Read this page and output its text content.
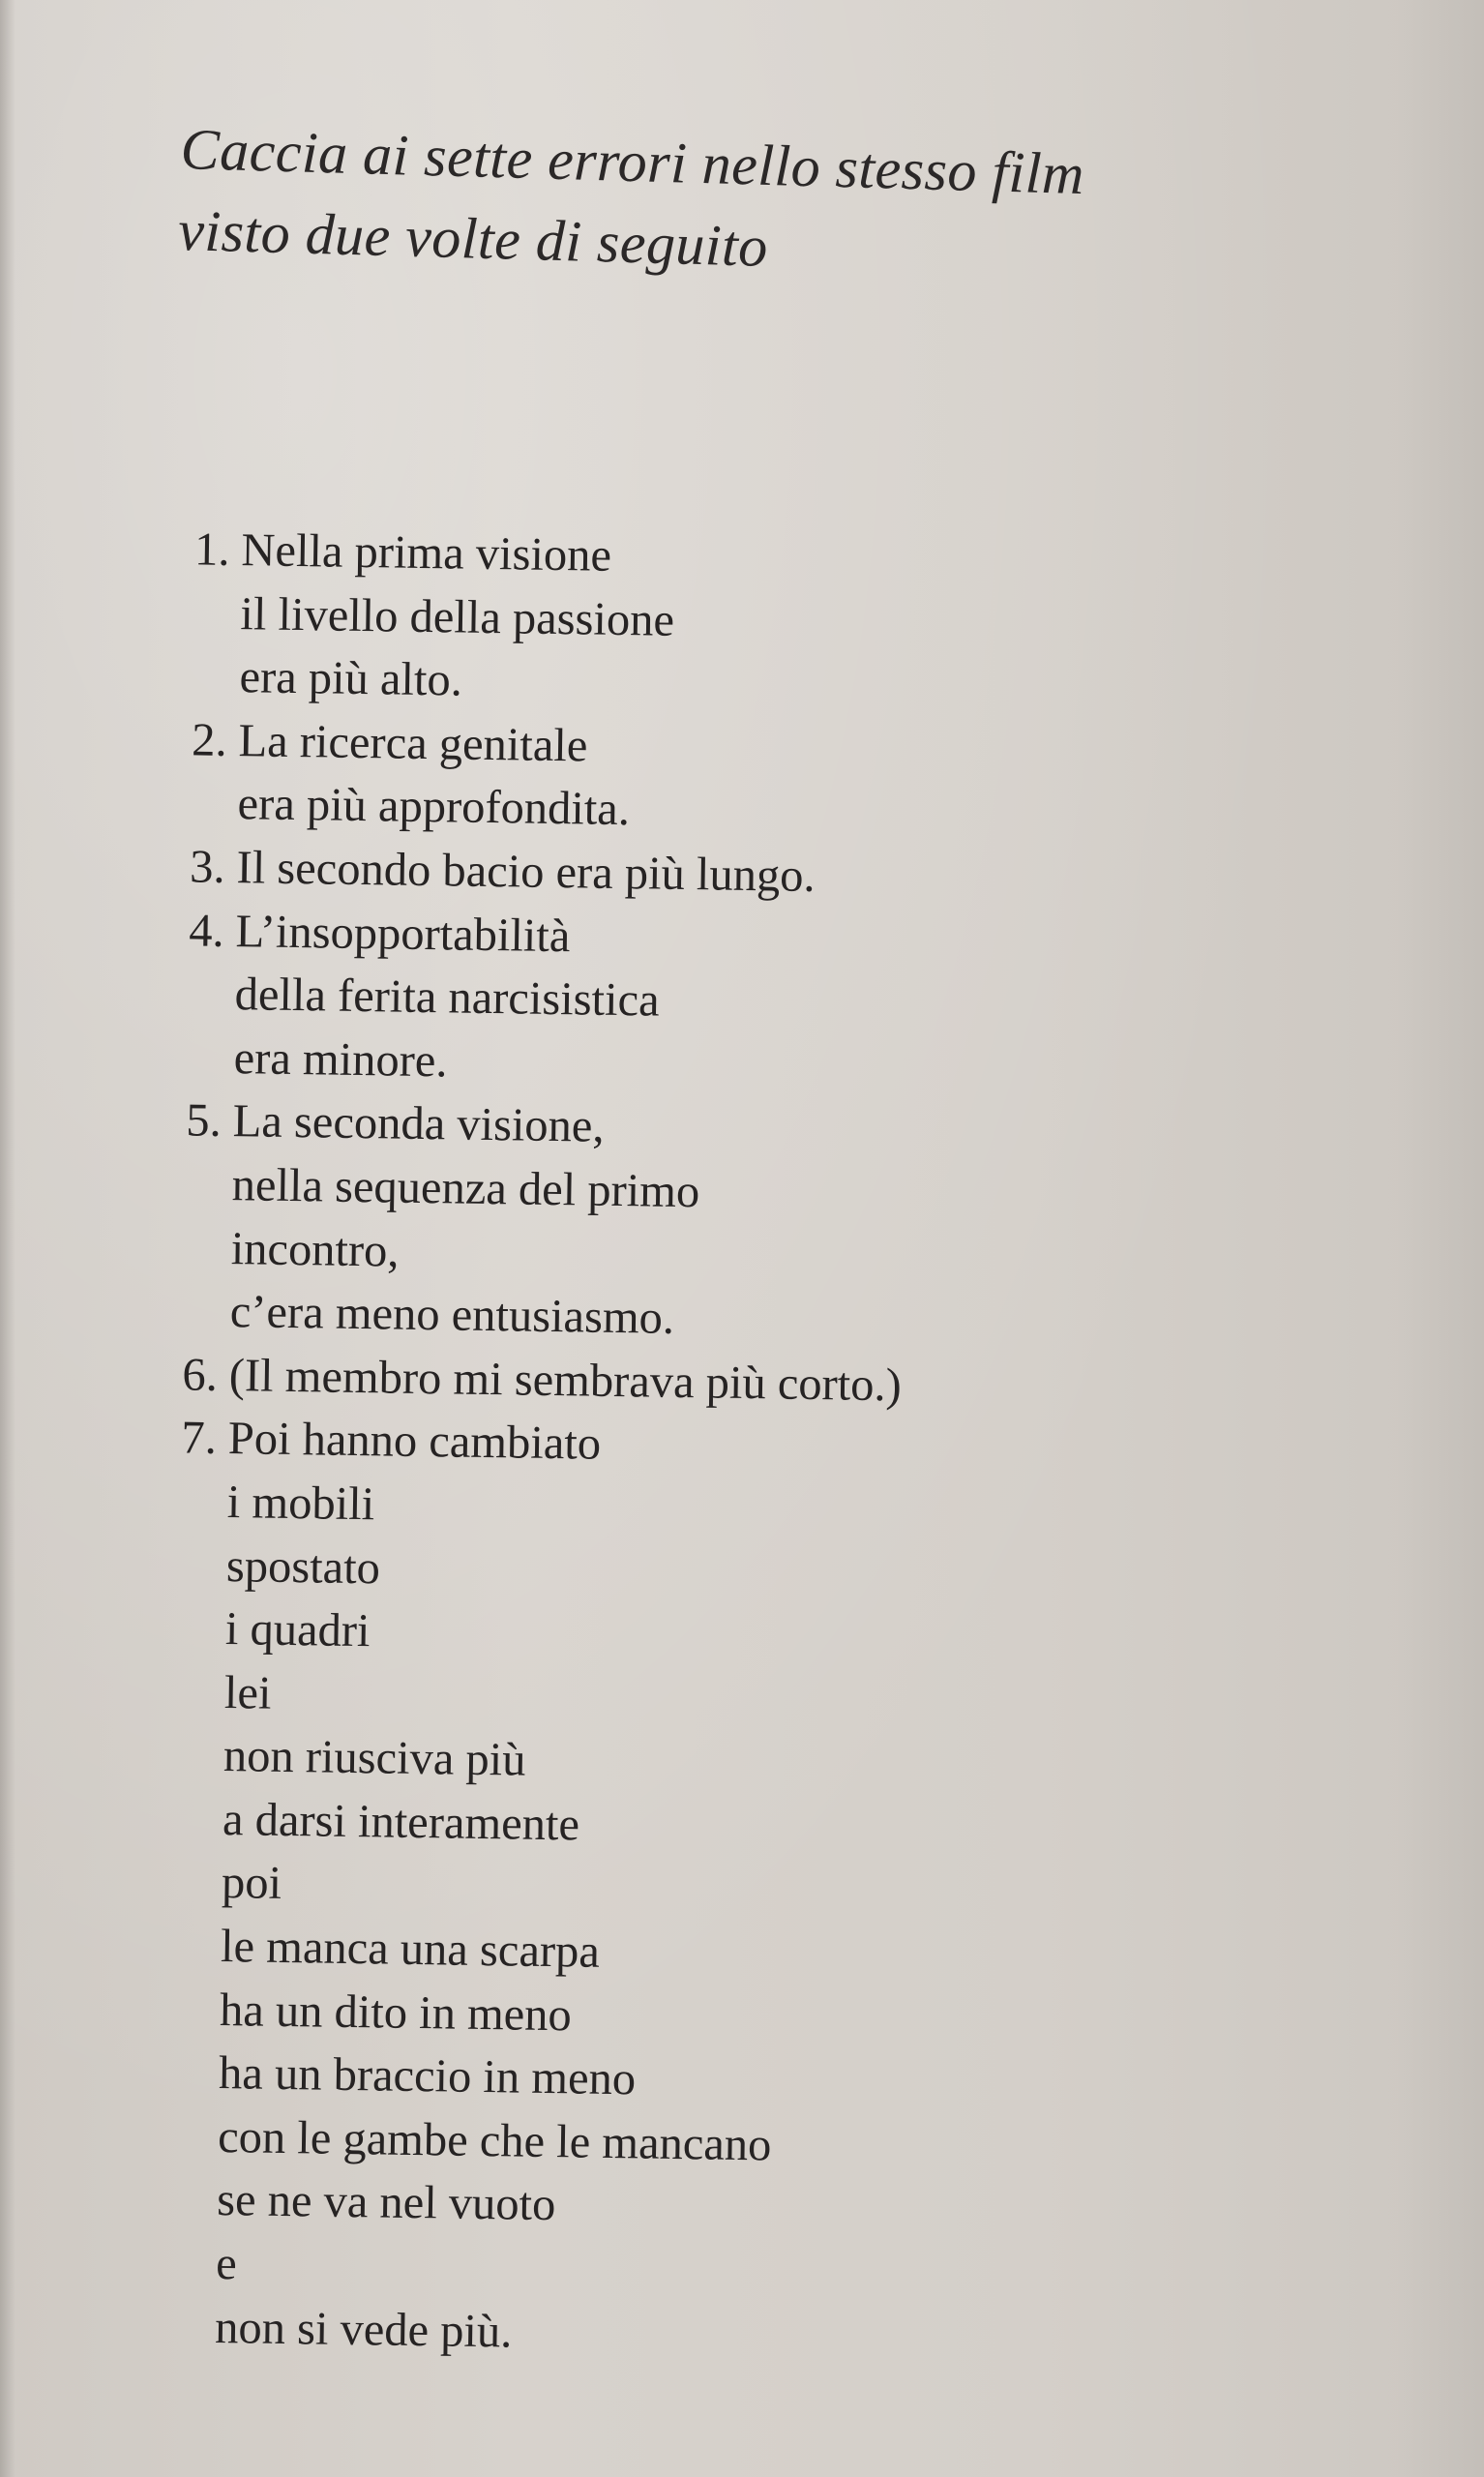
Caccia ai sette errori nello stesso film
visto due volte di seguito
1. Nella prima visione
il livello della passione
era più alto.
2. La ricerca genitale
era più approfondita.
3. Il secondo bacio era più lungo.
4. L’insopportabilità
della ferita narcisistica
era minore.
5. La seconda visione,
nella sequenza del primo
incontro,
c’era meno entusiasmo.
6. (Il membro mi sembrava più corto.)
7. Poi hanno cambiato
i mobili
spostato
i quadri
lei
non riusciva più
a darsi interamente
poi
le manca una scarpa
ha un dito in meno
ha un braccio in meno
con le gambe che le mancano
se ne va nel vuoto
e
non si vede più.
